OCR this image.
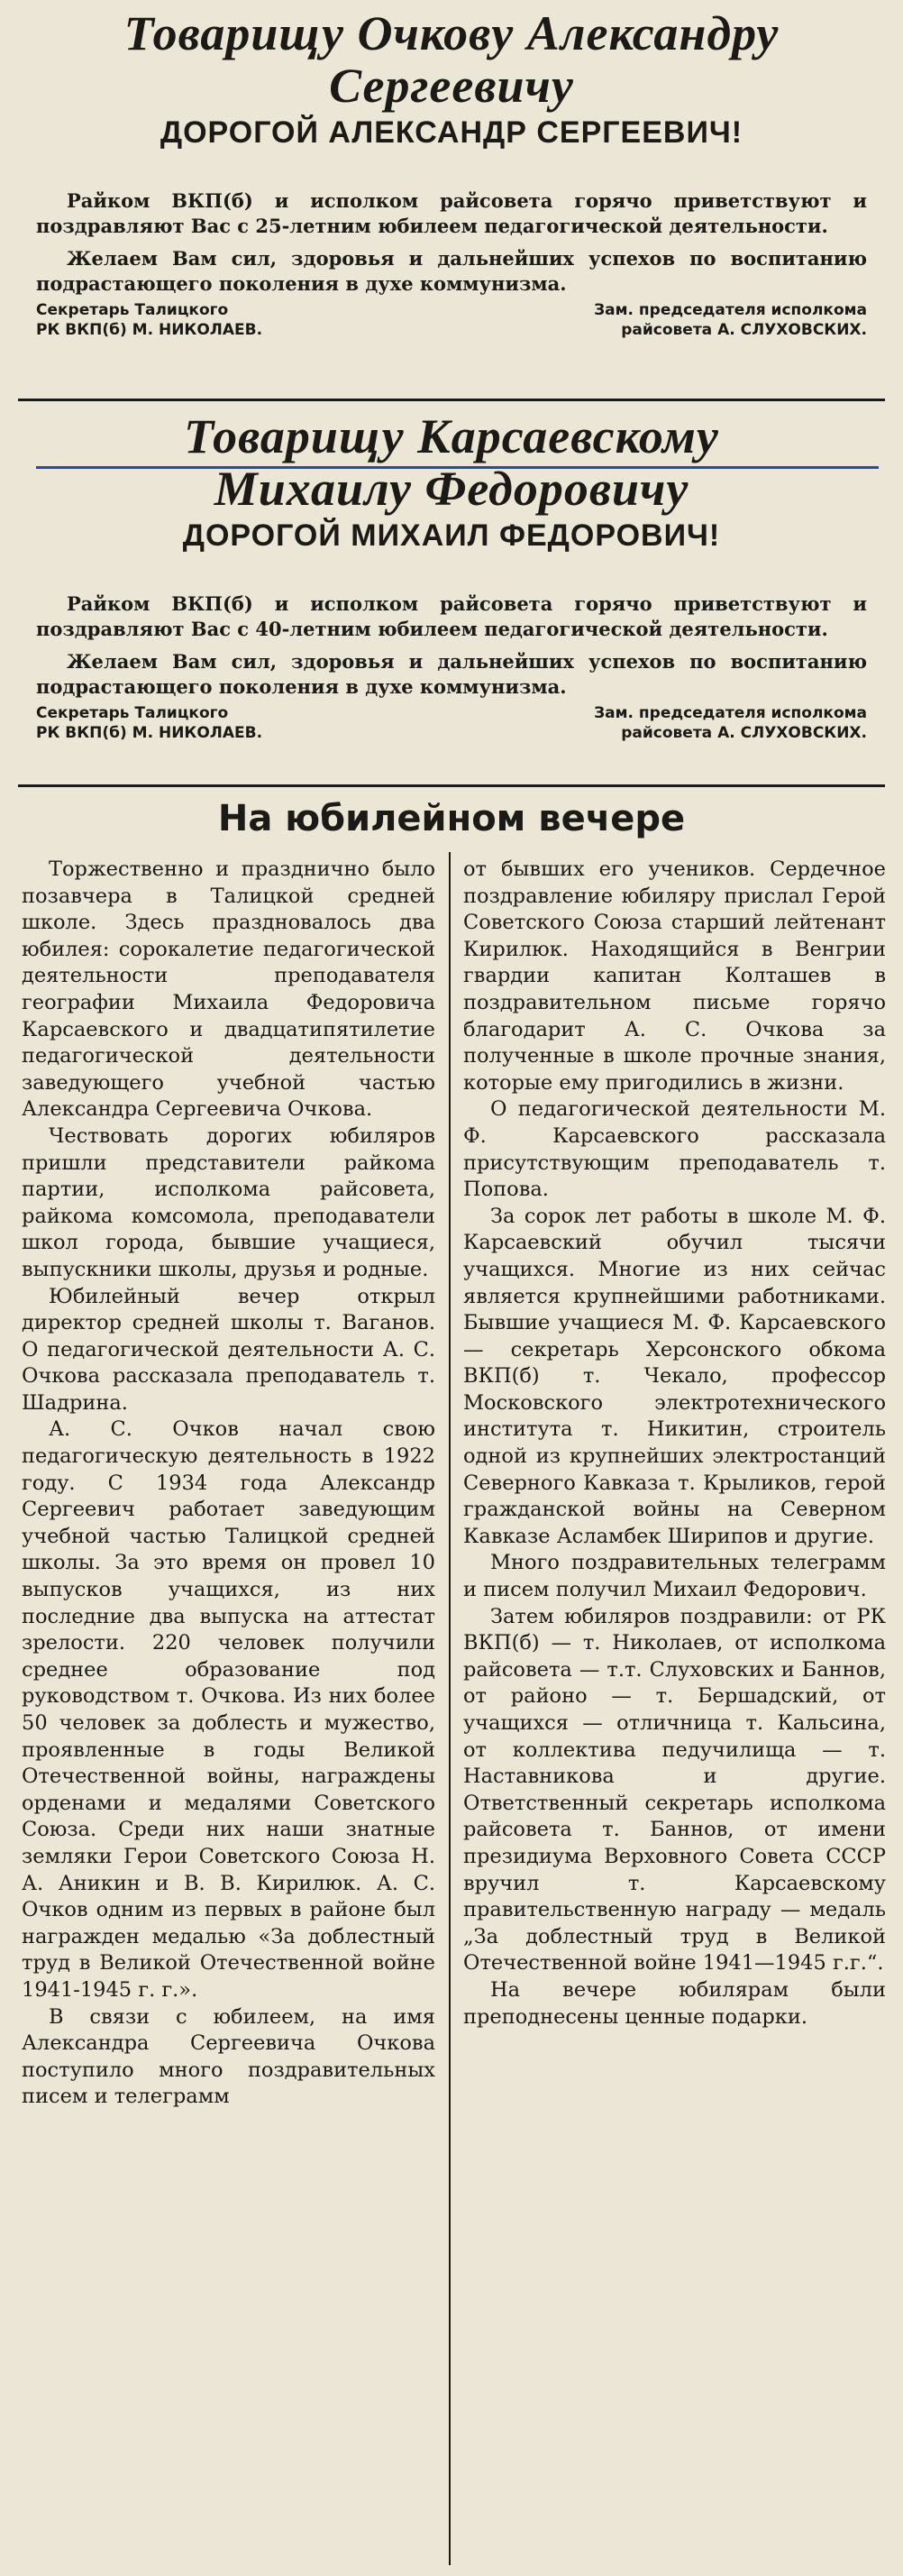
Товарищу Очкову Александру
Сергеевичу
ДОРОГОЙ АЛЕКСАНДР СЕРГЕЕВИЧ!

Райком ВКП(б) и исполком райсовета горячо приветствуют и поздравляют Вас с 25-летним юбилеем педагогической деятельности.

Желаем Вам сил, здоровья и дальнейших успехов по воспитанию подрастающего поколения в духе коммунизма.

Секретарь Талицкого

РК ВКП(б) М. НИКОЛАЕВ.

Зам. председателя исполкома

райсовета А. СЛУХОВСКИХ.

Товарищу Карсаевскому
Михаилу Федоровичу
ДОРОГОЙ МИХАИЛ ФЕДОРОВИЧ!

Райком ВКП(б) и исполком райсовета горячо приветствуют и поздравляют Вас с 40-летним юбилеем педагогической деятельности.

Желаем Вам сил, здоровья и дальнейших успехов по воспитанию подрастающего поколения в духе коммунизма.

Секретарь Талицкого

РК ВКП(б) М. НИКОЛАЕВ.

Зам. председателя исполкома

райсовета А. СЛУХОВСКИХ.

На юбилейном вечере

Торжественно и празднично было позавчера в Талицкой средней школе. Здесь праздновалось два юбилея: сорокалетие педагогической деятельности преподавателя географии Михаила Федоровича Карсаевского и двадцатипятилетие педагогической деятельности заведующего учебной частью Александра Сергеевича Очкова.

Чествовать дорогих юбиляров пришли представители райкома партии, исполкома райсовета, райкома комсомола, преподаватели школ города, бывшие учащиеся, выпускники школы, друзья и родные.

Юбилейный вечер открыл директор средней школы т. Ваганов. О педагогической деятельности А. С. Очкова рассказала преподаватель т. Шадрина.

А. С. Очков начал свою педагогическую деятельность в 1922 году. С 1934 года Александр Сергеевич работает заведующим учебной частью Талицкой средней школы. За это время он провел 10 выпусков учащихся, из них последние два выпуска на аттестат зрелости. 220 человек получили среднее образование под руководством т. Очкова. Из них более 50 человек за доблесть и мужество, проявленные в годы Великой Отечественной войны, награждены орденами и медалями Советского Союза. Среди них наши знатные земляки Герои Советского Союза Н. А. Аникин и В. В. Кирилюк. А. С. Очков одним из первых в районе был награжден медалью «За доблестный труд в Великой Отечественной войне 1941-1945 г. г.».

В связи с юбилеем, на имя Александра Сергеевича Очкова поступило много поздравительных писем и телеграмм

от бывших его учеников. Сердечное поздравление юбиляру прислал Герой Советского Союза старший лейтенант Кирилюк. Находящийся в Венгрии гвардии капитан Колташев в поздравительном письме горячо благодарит А. С. Очкова за полученные в школе прочные знания, которые ему пригодились в жизни.

О педагогической деятельности М. Ф. Карсаевского рассказала присутствующим преподаватель т. Попова.

За сорок лет работы в школе М. Ф. Карсаевский обучил тысячи учащихся. Многие из них сейчас является крупнейшими работниками. Бывшие учащиеся М. Ф. Карсаевского — секретарь Херсонского обкома ВКП(б) т. Чекало, профессор Московского электротехнического института т. Никитин, строитель одной из крупнейших электростанций Северного Кавказа т. Крыликов, герой гражданской войны на Северном Кавказе Асламбек Ширипов и другие.

Много поздравительных телеграмм и писем получил Михаил Федорович.

Затем юбиляров поздравили: от РК ВКП(б) — т. Николаев, от исполкома райсовета — т.т. Слуховских и Баннов, от районо — т. Бершадский, от учащихся — отличница т. Кальсина, от коллектива педучилища — т. Наставникова и другие. Ответственный секретарь исполкома райсовета т. Баннов, от имени президиума Верховного Совета СССР вручил т. Карсаевскому правительственную награду — медаль „За доблестный труд в Великой Отечественной войне 1941—1945 г.г.“.

На вечере юбилярам были преподнесены ценные подарки.
